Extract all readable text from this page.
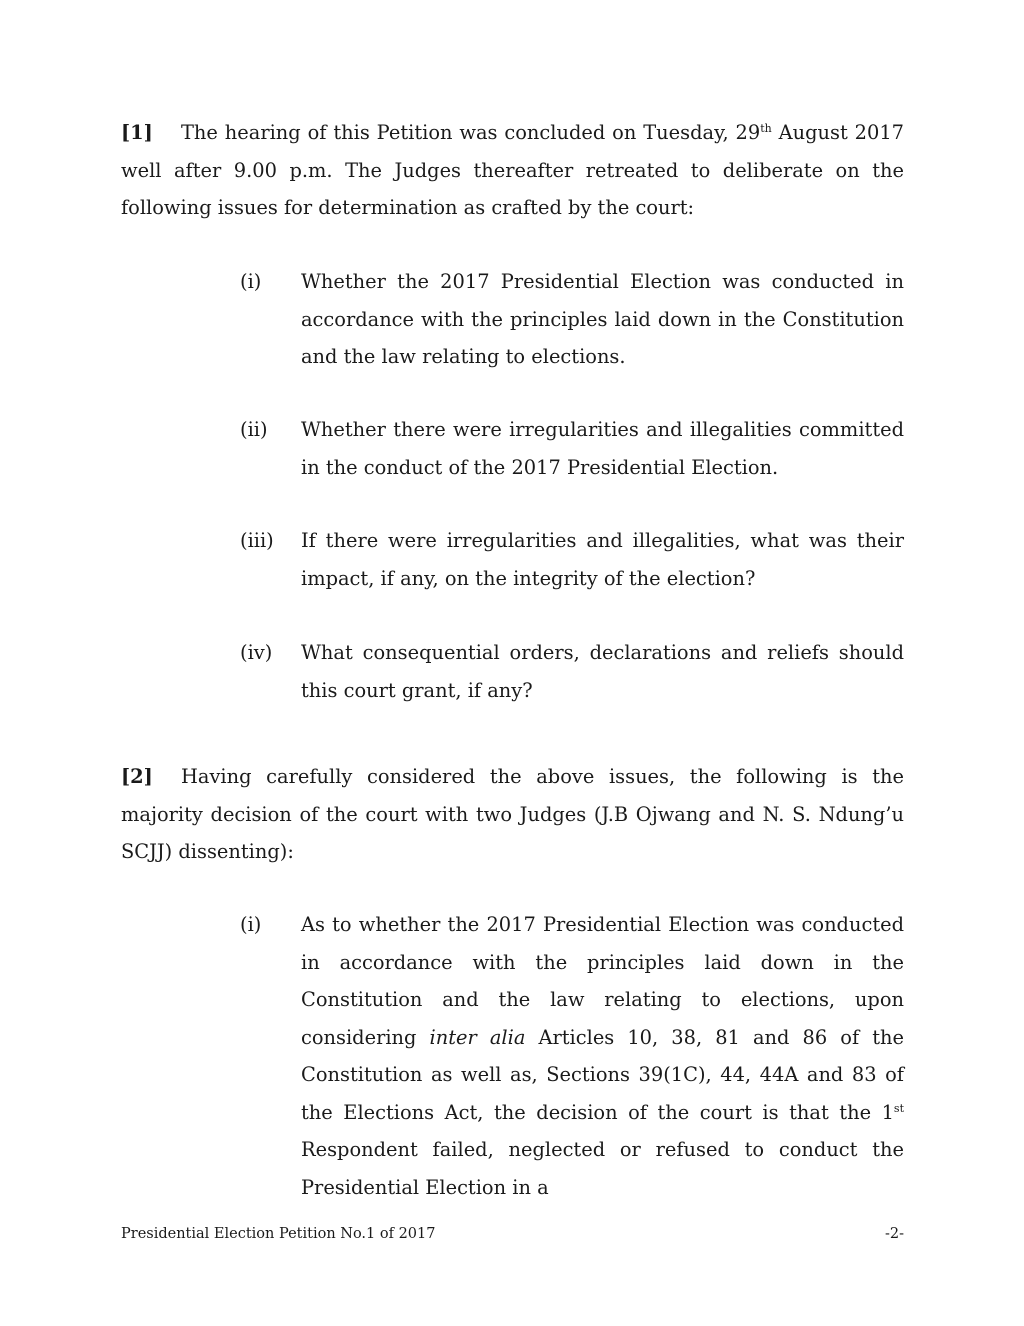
[1] The hearing of this Petition was concluded on Tuesday, 29th August 2017 well after 9.00 p.m. The Judges thereafter retreated to deliberate on the following issues for determination as crafted by the court:

(i)	Whether the 2017 Presidential Election was conducted in accordance with the principles laid down in the Constitution and the law relating to elections.
(ii)	Whether there were irregularities and illegalities committed in the conduct of the 2017 Presidential Election.
(iii)	If there were irregularities and illegalities, what was their impact, if any, on the integrity of the election?
(iv)	What consequential orders, declarations and reliefs should this court grant, if any?

[2] Having carefully considered the above issues, the following is the majority decision of the court with two Judges (J.B Ojwang and N. S. Ndung’u SCJJ) dissenting):

(i)	As to whether the 2017 Presidential Election was conducted in accordance with the principles laid down in the Constitution and the law relating to elections, upon considering inter alia Articles 10, 38, 81 and 86 of the Constitution as well as, Sections 39(1C), 44, 44A and 83 of the Elections Act, the decision of the court is that the 1st Respondent failed, neglected or refused to conduct the Presidential Election in a
Presidential Election Petition No.1 of 2017	-2-
